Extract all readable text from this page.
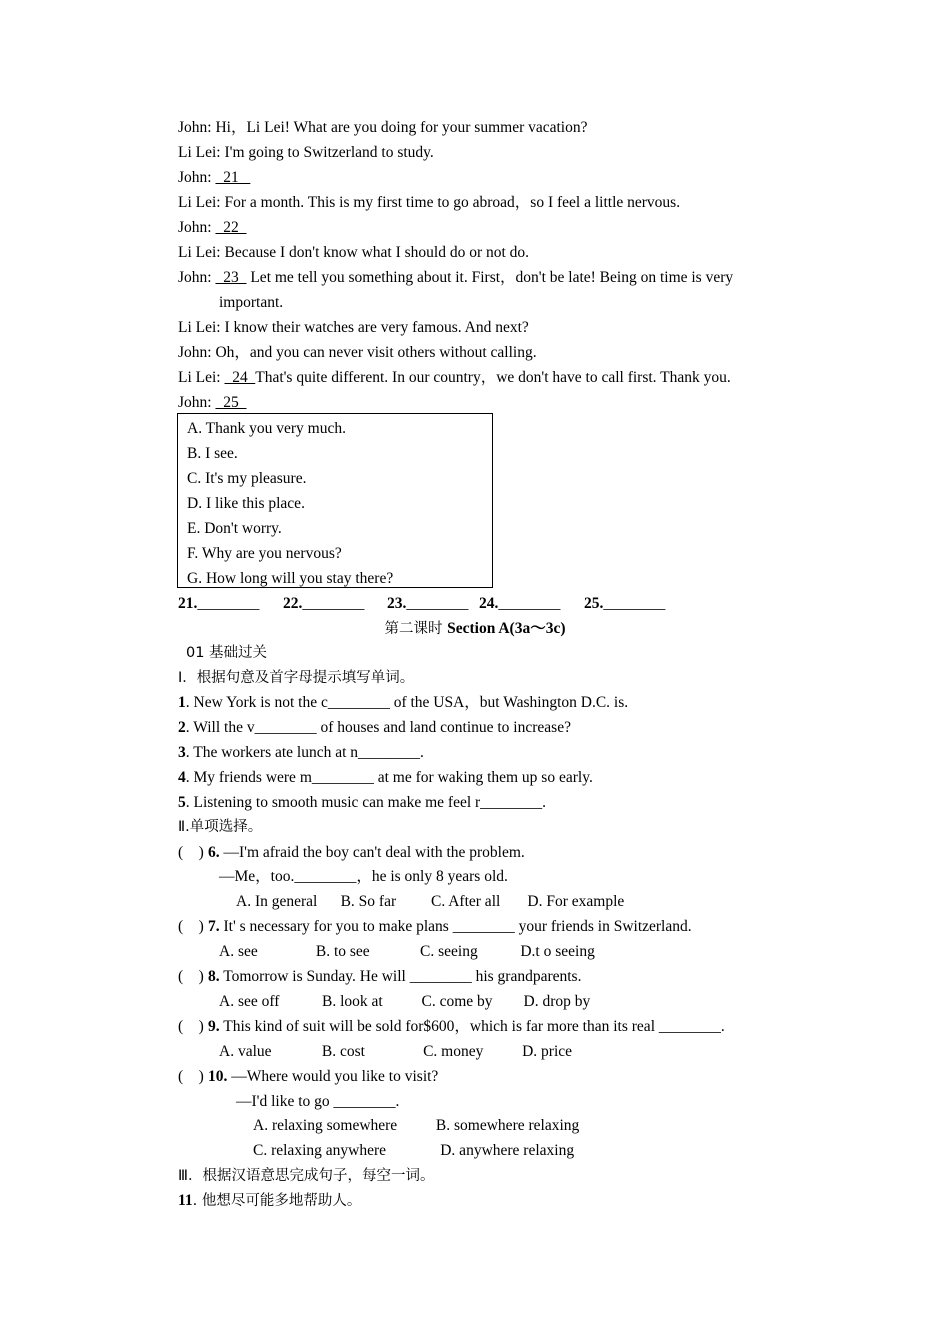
John: Hi，Li Lei! What are you doing for your summer vacation?
Li Lei: I'm going to Switzerland to study.
John:   21
Li Lei: For a month. This is my first time to go abroad，so I feel a little nervous.
John:   22
Li Lei: Because I don't know what I should do or not do.
John:   23   Let me tell you something about it. First，don't be late! Being on time is very
important.
Li Lei: I know their watches are very famous. And next?
John: Oh，and you can never visit others without calling.
Li Lei:   24  That's quite different. In our country，we don't have to call first. Thank you.
John:   25
A. Thank you very much.
B. I see.
C. It's my pleasure.
D. I like this place.
E. Don't worry.
F. Why are you nervous?
G. How long will you stay there?
21.________ 22.________ 23.________ 24.________ 25.________
第二课时 Section A(3a～3c)
01 基础过关
Ⅰ．根据句意及首字母提示填写单词。
1. New York is not the c________ of the USA，but Washington D.C. is.
2. Will the v________ of houses and land continue to increase?
3. The workers ate lunch at n________.
4. My friends were m________ at me for waking them up so early.
5. Listening to smooth music can make me feel r________.
Ⅱ.单项选择。
(    ) 6. —I'm afraid the boy can't deal with the problem.
—Me，too.________，he is only 8 years old.
A. In general      B. So far         C. After all       D. For example
(    ) 7. It' s necessary for you to make plans ________ your friends in Switzerland.
A. see               B. to see             C. seeing           D.t o seeing
(    ) 8. Tomorrow is Sunday. He will ________ his grandparents.
A. see off           B. look at          C. come by        D. drop by
(    ) 9. This kind of suit will be sold for$600，which is far more than its real ________.
A. value             B. cost               C. money          D. price
(    ) 10. —Where would you like to visit?
—I'd like to go ________.
A. relaxing somewhere          B. somewhere relaxing
C. relaxing anywhere              D. anywhere relaxing
Ⅲ．根据汉语意思完成句子，每空一词。
11. 他想尽可能多地帮助人。
